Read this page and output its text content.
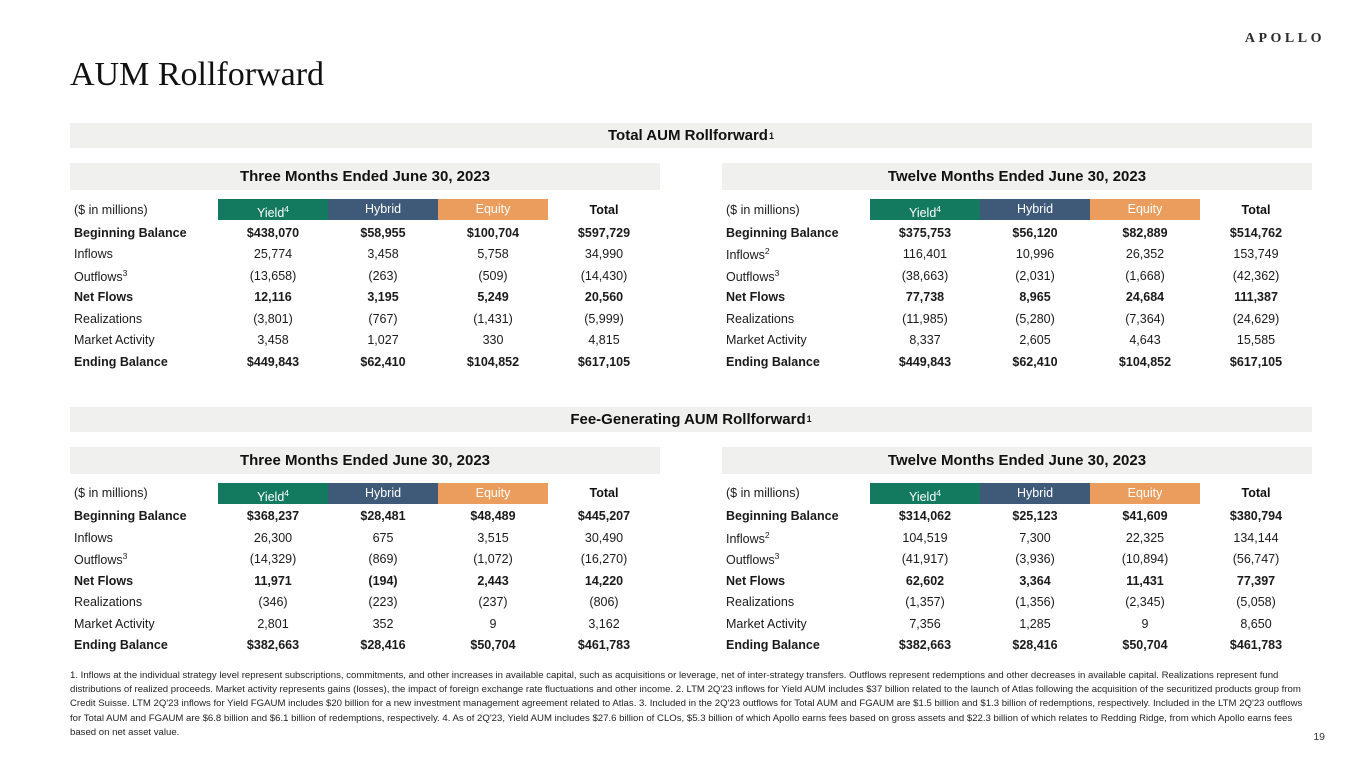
APOLLO
AUM Rollforward
Total AUM Rollforward 1
Three Months Ended June 30, 2023
($ in millions)	Yield$^4$	Hybrid	Equity	Total
Beginning Balance	$438,070	$58,955	$100,704	$597,729
Inflows	25,774	3,458	5,758	34,990
Outflows$^3$	(13,658)	(263)	(509)	(14,430)
Net Flows	12,116	3,195	5,249	20,560
Realizations	(3,801)	(767)	(1,431)	(5,999)
Market Activity	3,458	1,027	330	4,815
Ending Balance	$449,843	$62,410	$104,852	$617,105
Twelve Months Ended June 30, 2023
($ in millions)	Yield$^4$	Hybrid	Equity	Total
Beginning Balance	$375,753	$56,120	$82,889	$514,762
Inflows$^2$	116,401	10,996	26,352	153,749
Outflows$^3$	(38,663)	(2,031)	(1,668)	(42,362)
Net Flows	77,738	8,965	24,684	111,387
Realizations	(11,985)	(5,280)	(7,364)	(24,629)
Market Activity	8,337	2,605	4,643	15,585
Ending Balance	$449,843	$62,410	$104,852	$617,105
Fee-Generating AUM Rollforward 1
Three Months Ended June 30, 2023
($ in millions)	Yield$^4$	Hybrid	Equity	Total
Beginning Balance	$368,237	$28,481	$48,489	$445,207
Inflows	26,300	675	3,515	30,490
Outflows$^3$	(14,329)	(869)	(1,072)	(16,270)
Net Flows	11,971	(194)	2,443	14,220
Realizations	(346)	(223)	(237)	(806)
Market Activity	2,801	352	9	3,162
Ending Balance	$382,663	$28,416	$50,704	$461,783
Twelve Months Ended June 30, 2023
($ in millions)	Yield$^4$	Hybrid	Equity	Total
Beginning Balance	$314,062	$25,123	$41,609	$380,794
Inflows$^2$	104,519	7,300	22,325	134,144
Outflows$^3$	(41,917)	(3,936)	(10,894)	(56,747)
Net Flows	62,602	3,364	11,431	77,397
Realizations	(1,357)	(1,356)	(2,345)	(5,058)
Market Activity	7,356	1,285	9	8,650
Ending Balance	$382,663	$28,416	$50,704	$461,783
1. Inflows at the individual strategy level represent subscriptions, commitments, and other increases in available capital, such as acquisitions or leverage, net of inter-strategy transfers. Outflows represent redemptions and other decreases in available capital. Realizations represent fund distributions of realized proceeds. Market activity represents gains (losses), the impact of foreign exchange rate fluctuations and other income. 2. LTM 2Q'23 inflows for Yield AUM includes $37 billion related to the launch of Atlas following the acquisition of the securitized products group from Credit Suisse. LTM 2Q'23 inflows for Yield FGAUM includes $20 billion for a new investment management agreement related to Atlas. 3. Included in the 2Q'23 outflows for Total AUM and FGAUM are $1.5 billion and $1.3 billion of redemptions, respectively. Included in the LTM 2Q'23 outflows for Total AUM and FGAUM are $6.8 billion and $6.1 billion of redemptions, respectively. 4. As of 2Q'23, Yield AUM includes $27.6 billion of CLOs, $5.3 billion of which Apollo earns fees based on gross assets and $22.3 billion of which relates to Redding Ridge, from which Apollo earns fees based on net asset value.	19
